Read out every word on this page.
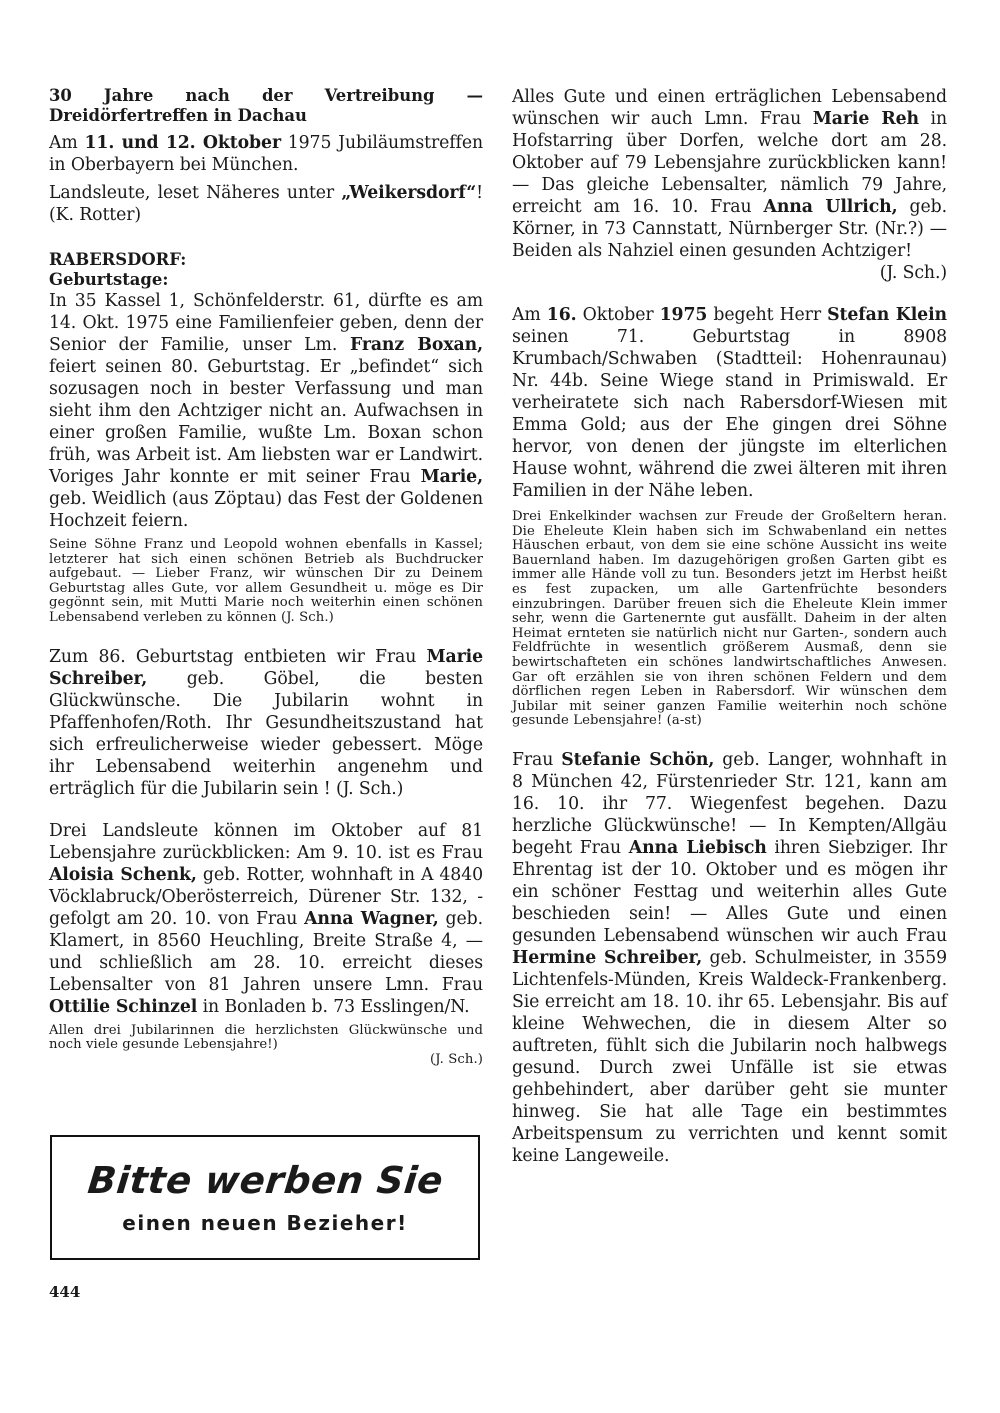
30 Jahre nach der Vertreibung — Dreidörfertreffen in Dachau

Am 11. und 12. Oktober 1975 Jubiläumstreffen in Oberbayern bei München.

Landsleute, leset Näheres unter „Weikersdorf“! (K. Rotter)

RABERSDORF:

Geburtstage:

In 35 Kassel 1, Schönfelderstr. 61, dürfte es am 14. Okt. 1975 eine Familienfeier geben, denn der Senior der Familie, unser Lm. Franz Boxan, feiert seinen 80. Geburtstag. Er „befindet“ sich sozusagen noch in bester Verfassung und man sieht ihm den Achtziger nicht an. Aufwachsen in einer großen Familie, wußte Lm. Boxan schon früh, was Arbeit ist. Am liebsten war er Landwirt. Voriges Jahr konnte er mit seiner Frau Marie, geb. Weidlich (aus Zöptau) das Fest der Goldenen Hochzeit feiern.

Seine Söhne Franz und Leopold wohnen ebenfalls in Kassel; letzterer hat sich einen schönen Betrieb als Buchdrucker aufgebaut. — Lieber Franz, wir wünschen Dir zu Deinem Geburtstag alles Gute, vor allem Gesundheit u. möge es Dir gegönnt sein, mit Mutti Marie noch weiterhin einen schönen Lebensabend verleben zu können (J. Sch.)

Zum 86. Geburtstag entbieten wir Frau Marie Schreiber, geb. Göbel, die besten Glückwünsche. Die Jubilarin wohnt in Pfaffenhofen/Roth. Ihr Gesundheitszustand hat sich erfreulicherweise wieder gebessert. Möge ihr Lebensabend weiterhin angenehm und erträglich für die Jubilarin sein ! (J. Sch.)

Drei Landsleute können im Oktober auf 81 Lebensjahre zurückblicken: Am 9. 10. ist es Frau Aloisia Schenk, geb. Rotter, wohnhaft in A 4840 Vöcklabruck/Oberösterreich, Dürener Str. 132, - gefolgt am 20. 10. von Frau Anna Wagner, geb. Klamert, in 8560 Heuchling, Breite Straße 4, — und schließlich am 28. 10. erreicht dieses Lebensalter von 81 Jahren unsere Lmn. Frau Ottilie Schinzel in Bonladen b. 73 Esslingen/N.

Allen drei Jubilarinnen die herzlichsten Glückwünsche und noch viele gesunde Lebensjahre!)

(J. Sch.)

Bitte werben Sie
einen neuen Bezieher!
444

Alles Gute und einen erträglichen Lebensabend wünschen wir auch Lmn. Frau Marie Reh in Hofstarring über Dorfen, welche dort am 28. Oktober auf 79 Lebensjahre zurückblicken kann! — Das gleiche Lebensalter, nämlich 79 Jahre, erreicht am 16. 10. Frau Anna Ullrich, geb. Körner, in 73 Cannstatt, Nürnberger Str. (Nr.?) — Beiden als Nahziel einen gesunden Achtziger!

(J. Sch.)

Am 16. Oktober 1975 begeht Herr Stefan Klein seinen 71. Geburtstag in 8908 Krumbach/Schwaben (Stadtteil: Hohenraunau) Nr. 44b. Seine Wiege stand in Primiswald. Er verheiratete sich nach Rabersdorf-Wiesen mit Emma Gold; aus der Ehe gingen drei Söhne hervor, von denen der jüngste im elterlichen Hause wohnt, während die zwei älteren mit ihren Familien in der Nähe leben.

Drei Enkelkinder wachsen zur Freude der Großeltern heran. Die Eheleute Klein haben sich im Schwabenland ein nettes Häuschen erbaut, von dem sie eine schöne Aussicht ins weite Bauernland haben. Im dazugehörigen großen Garten gibt es immer alle Hände voll zu tun. Besonders jetzt im Herbst heißt es fest zupacken, um alle Gartenfrüchte besonders einzubringen. Darüber freuen sich die Eheleute Klein immer sehr, wenn die Gartenernte gut ausfällt. Daheim in der alten Heimat ernteten sie natürlich nicht nur Garten-, sondern auch Feldfrüchte in wesentlich größerem Ausmaß, denn sie bewirtschafteten ein schönes landwirtschaftliches Anwesen. Gar oft erzählen sie von ihren schönen Feldern und dem dörflichen regen Leben in Rabersdorf. Wir wünschen dem Jubilar mit seiner ganzen Familie weiterhin noch schöne gesunde Lebensjahre! (a-st)

Frau Stefanie Schön, geb. Langer, wohnhaft in 8 München 42, Fürstenrieder Str. 121, kann am 16. 10. ihr 77. Wiegenfest begehen. Dazu herzliche Glückwünsche! — In Kempten/Allgäu begeht Frau Anna Liebisch ihren Siebziger. Ihr Ehrentag ist der 10. Oktober und es mögen ihr ein schöner Festtag und weiterhin alles Gute beschieden sein! — Alles Gute und einen gesunden Lebensabend wünschen wir auch Frau Hermine Schreiber, geb. Schulmeister, in 3559 Lichtenfels-Münden, Kreis Waldeck-Frankenberg. Sie erreicht am 18. 10. ihr 65. Lebensjahr. Bis auf kleine Wehwechen, die in diesem Alter so auftreten, fühlt sich die Jubilarin noch halbwegs gesund. Durch zwei Unfälle ist sie etwas gehbehindert, aber darüber geht sie munter hinweg. Sie hat alle Tage ein bestimmtes Arbeitspensum zu verrichten und kennt somit keine Langeweile.
